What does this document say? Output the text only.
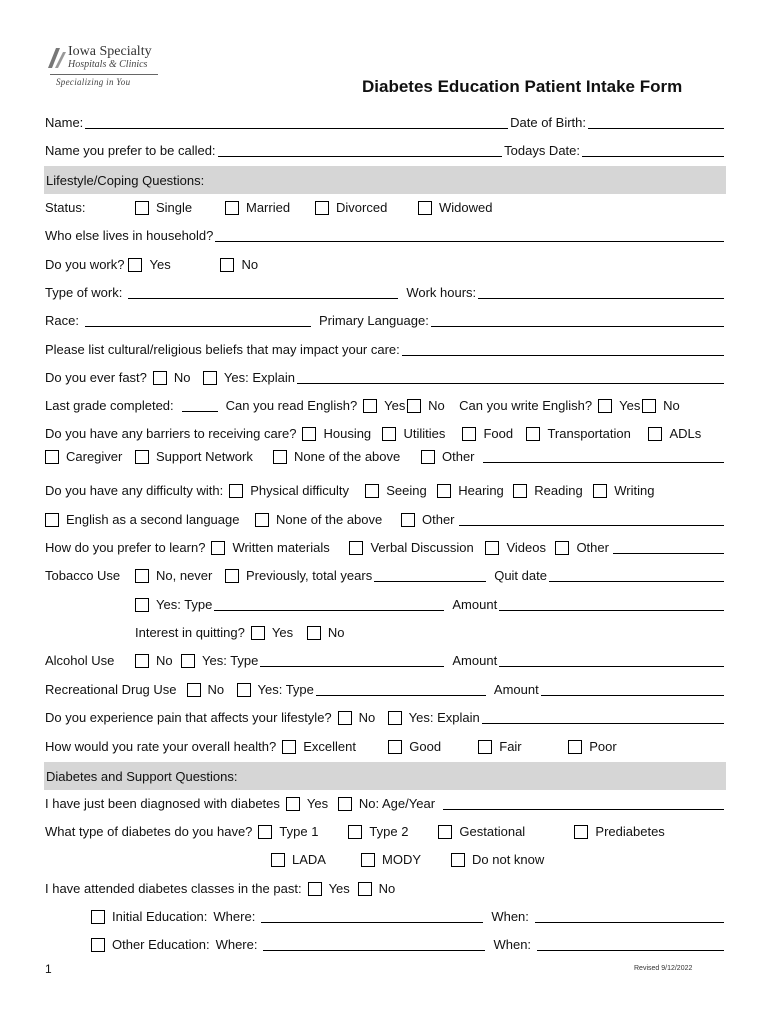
Iowa Specialty
Hospitals & Clinics
Specializing in You	Diabetes Education Patient Intake Form
Name:	Date of Birth:
Name you prefer to be called:	Todays Date:
Lifestyle/Coping Questions:
Status:	Single	Married	Divorced	Widowed
Who else lives in household?
Do you work? Yes	No
Type of work:	Work hours:
Race:	Primary Language:
Please list cultural/religious beliefs that may impact your care:
Do you ever fast? No	Yes: Explain
Last grade completed:	Can you read English? Yes No Can you write English? Yes No
Do you have any barriers to receiving care? Housing Utilities	Food	Transportation	ADLs
Caregiver	Support Network	None of the above	Other
Do you have any difficulty with: Physical difficulty	Seeing Hearing Reading Writing
English as a second language	None of the above	Other
How do you prefer to learn? Written materials	Verbal Discussion	Videos Other
Tobacco Use	No, never	Previously, total years	Quit date
Yes: Type	Amount
Interest in quitting? Yes	No
Alcohol Use	No Yes: Type	Amount
Recreational Drug Use No	Yes: Type	Amount
Do you experience pain that affects your lifestyle? No	Yes: Explain
How would you rate your overall health? Excellent	Good	Fair	Poor
Diabetes and Support Questions:
I have just been diagnosed with diabetes Yes No: Age/Year
What type of diabetes do you have? Type 1	Type 2	Gestational	Prediabetes
LADA	MODY	Do not know
I have attended diabetes classes in the past: Yes No
Initial Education: Where:	When:
Other Education: Where:	When:
1	Revised 9/12/2022
